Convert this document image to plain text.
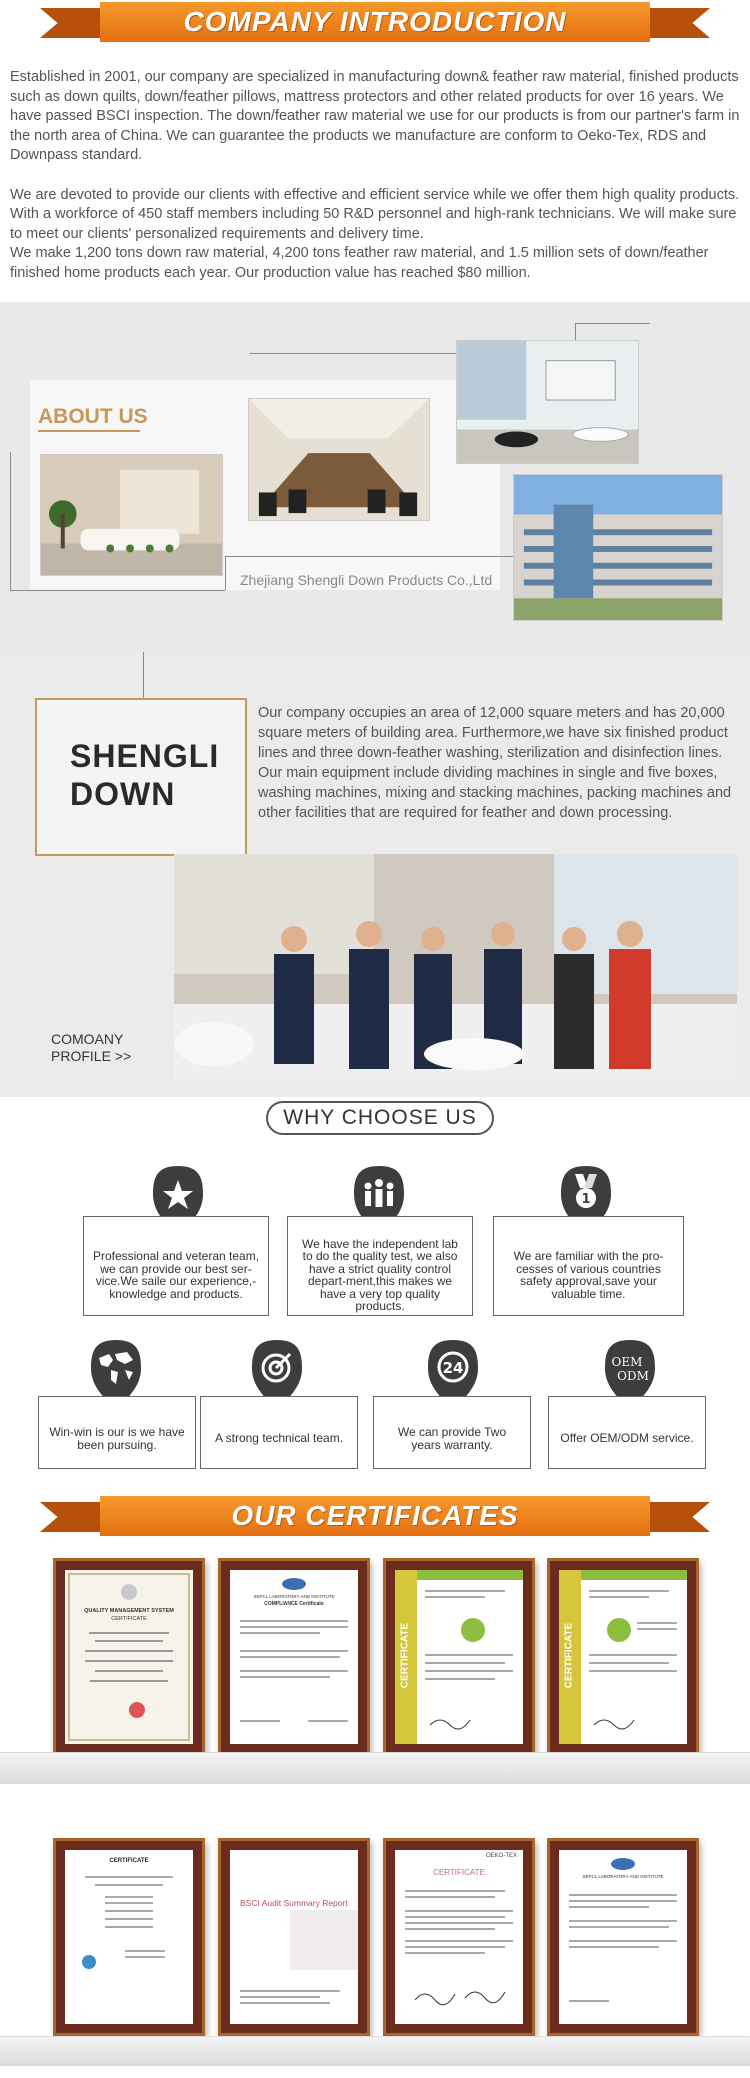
COMPANY INTRODUCTION

Established in 2001, our company are specialized in manufacturing down& feather raw material, finished products such as down quilts, down/feather pillows, mattress protectors and other related products for over 16 years. We have passed BSCI inspection. The down/feather raw material we use for our products is from our partner's farm in the north area of China. We can guarantee the products we manufacture are conform to Oeko-Tex, RDS and Downpass standard.

We are devoted to provide our clients with effective and efficient service while we offer them high quality products. With a workforce of 450 staff members including 50 R&D personnel and high-rank technicians. We will make sure to meet our clients' personalized requirements and delivery time.

We make 1,200 tons down raw material, 4,200 tons feather raw material, and 1.5 million sets of down/feather finished home products each year. Our production value has reached $80 million.

ABOUT US
Zhejiang Shengli Down Products Co.,Ltd
SHENGLI
DOWN
Our company occupies an area of 12,000 square meters and has 20,000 square meters of building area. Furthermore,we have six finished product lines and three down-feather washing, sterilization and disinfection lines. Our main equipment include dividing machines in single and five boxes, washing machines, mixing and stacking machines, packing machines and other facilities that are required for feather and down processing.
COMOANY
PROFILE >>
WHY CHOOSE US
1
Professional and veteran team, we can provide our best ser-vice.We saile our experience,-knowledge and products.
We have the independent lab to do the quality test, we also have a strict quality control depart-ment,this makes we have a very top quality products.
We are familiar with the pro-cesses of various countries safety approval,save your valuable time.
24	OEM
ODM
Win-win is our is we have been pursuing.	A strong technical team.	We can provide Two years warranty.	Offer OEM/ODM service.
OUR CERTIFICATES
QUALITY MANAGEMENT SYSTEM
CERTIFICATE
SEPCL LABORATORY AND INSTITUTE
COMPLIANCE Certificate
CERTIFICATE	CERTIFICATE
CERTIFICATE
BSCI Audit Summary Report
OEKO-TEX
CERTIFICATE	SEPCL LABORATORY AND INSTITUTE
